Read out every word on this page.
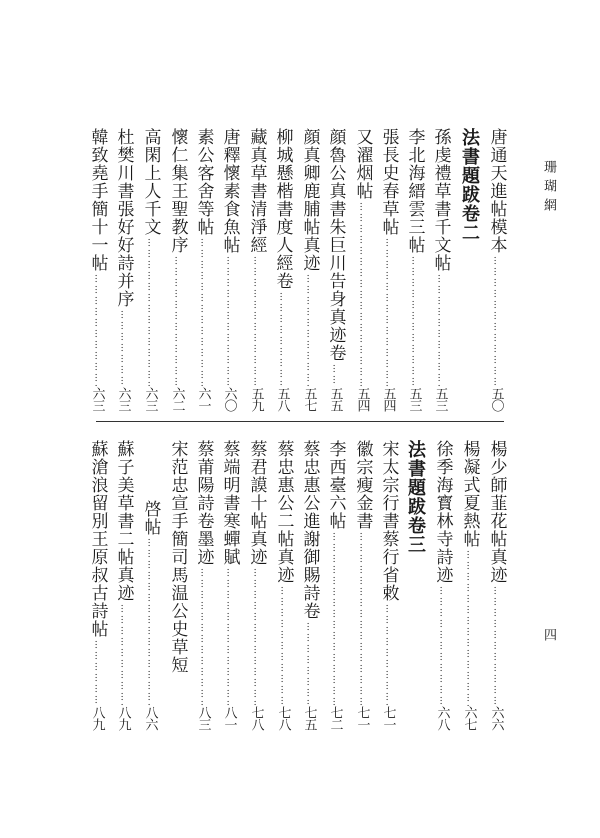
珊瑚網
四
唐通天進帖模本
……………………………………………………………………………………
五〇
法書題跋卷二
孫虔禮草書千文帖
……………………………………………………………………………………
五三
李北海縉雲三帖
……………………………………………………………………………………
五三
張長史春草帖
……………………………………………………………………………………
五四
又濯烟帖
……………………………………………………………………………………
五四
顔魯公真書朱巨川告身真迹卷
……………………………………………………………………………………
五五
顔真卿鹿脯帖真迹
……………………………………………………………………………………
五七
柳城懸楷書度人經卷
……………………………………………………………………………………
五八
藏真草書清淨經
……………………………………………………………………………………
五九
唐釋懷素食魚帖
……………………………………………………………………………………
六〇
素公客舍等帖
……………………………………………………………………………………
六一
懷仁集王聖教序
……………………………………………………………………………………
六二
高閑上人千文
……………………………………………………………………………………
六三
杜樊川書張好好詩并序
……………………………………………………………………………………
六三
韓致堯手簡十一帖
……………………………………………………………………………………
六三
楊少師韮花帖真迹
……………………………………………………………………………………
六六
楊凝式夏熱帖
……………………………………………………………………………………
六七
徐季海寳林寺詩迹
……………………………………………………………………………………
六八
法書題跋卷三
宋太宗行書蔡行省敕
……………………………………………………………………………………
七一
徽宗瘦金書
……………………………………………………………………………………
七一
李西臺六帖
……………………………………………………………………………………
七二
蔡忠惠公進謝御賜詩卷
……………………………………………………………………………………
七五
蔡忠惠公二帖真迹
……………………………………………………………………………………
七八
蔡君謨十帖真迹
……………………………………………………………………………………
七八
蔡端明書寒蟬賦
……………………………………………………………………………………
八一
蔡莆陽詩卷墨迹
……………………………………………………………………………………
八三
宋范忠宣手簡司馬温公史草短
啓帖
……………………………………………………………………………………
八六
蘇子美草書二帖真迹
……………………………………………………………………………………
八九
蘇滄浪留別王原叔古詩帖
……………………………………………………………………………………
八九
